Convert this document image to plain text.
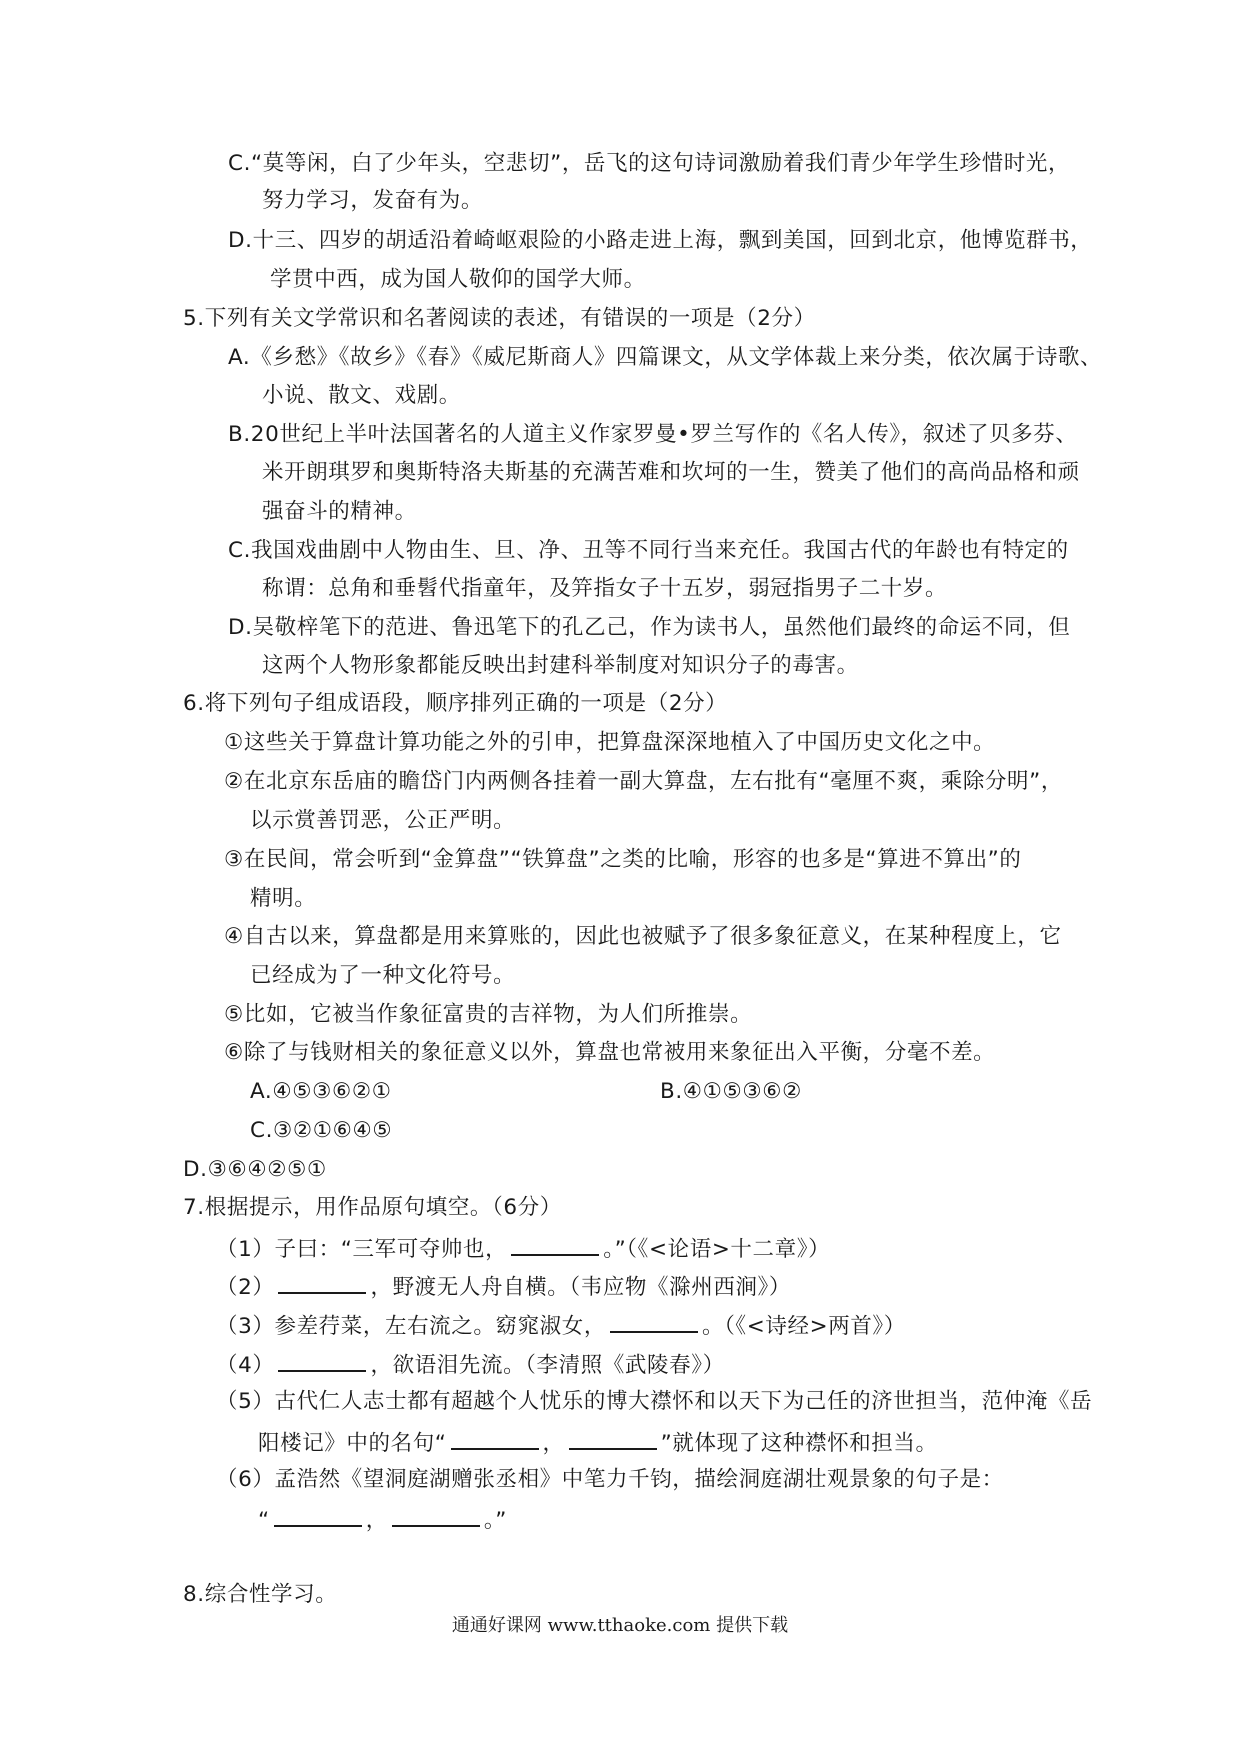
C.“莫等闲，白了少年头，空悲切”，岳飞的这句诗词激励着我们青少年学生珍惜时光，
努力学习，发奋有为。
D.十三、四岁的胡适沿着崎岖艰险的小路走进上海，飘到美国，回到北京，他博览群书，
学贯中西，成为国人敬仰的国学大师。
5.下列有关文学常识和名著阅读的表述，有错误的一项是（2分）
A.《乡愁》《故乡》《春》《威尼斯商人》四篇课文，从文学体裁上来分类，依次属于诗歌、
小说、散文、戏剧。
B.20世纪上半叶法国著名的人道主义作家罗曼•罗兰写作的《名人传》，叙述了贝多芬、
米开朗琪罗和奥斯特洛夫斯基的充满苦难和坎坷的一生，赞美了他们的高尚品格和顽
强奋斗的精神。
C.我国戏曲剧中人物由生、旦、净、丑等不同行当来充任。我国古代的年龄也有特定的
称谓：总角和垂髫代指童年，及笄指女子十五岁，弱冠指男子二十岁。
D.吴敬梓笔下的范进、鲁迅笔下的孔乙己，作为读书人，虽然他们最终的命运不同，但
这两个人物形象都能反映出封建科举制度对知识分子的毒害。
6.将下列句子组成语段，顺序排列正确的一项是（2分）
①这些关于算盘计算功能之外的引申，把算盘深深地植入了中国历史文化之中。
②在北京东岳庙的瞻岱门内两侧各挂着一副大算盘，左右批有“毫厘不爽，乘除分明”，
以示赏善罚恶，公正严明。
③在民间，常会听到“金算盘”“铁算盘”之类的比喻，形容的也多是“算进不算出”的
精明。
④自古以来，算盘都是用来算账的，因此也被赋予了很多象征意义，在某种程度上，它
已经成为了一种文化符号。
⑤比如，它被当作象征富贵的吉祥物，为人们所推崇。
⑥除了与钱财相关的象征意义以外，算盘也常被用来象征出入平衡，分毫不差。
A.④⑤③⑥②①	B.④①⑤③⑥②
C.③②①⑥④⑤
D.③⑥④②⑤①
7.根据提示，用作品原句填空。（6分）
（1）子曰：“三军可夺帅也，	。”（《<论语>十二章》）
（2）	，野渡无人舟自横。（韦应物《滁州西涧》）
（3）参差荇菜，左右流之。窈窕淑女，	。（《<诗经>两首》）
（4）	，欲语泪先流。（李清照《武陵春》）
（5）古代仁人志士都有超越个人忧乐的博大襟怀和以天下为己任的济世担当，范仲淹《岳
阳楼记》中的名句“	，	”就体现了这种襟怀和担当。
（6）孟浩然《望洞庭湖赠张丞相》中笔力千钧，描绘洞庭湖壮观景象的句子是：
“	，	。”
8.综合性学习。
通通好课网 www.tthaoke.com 提供下载
